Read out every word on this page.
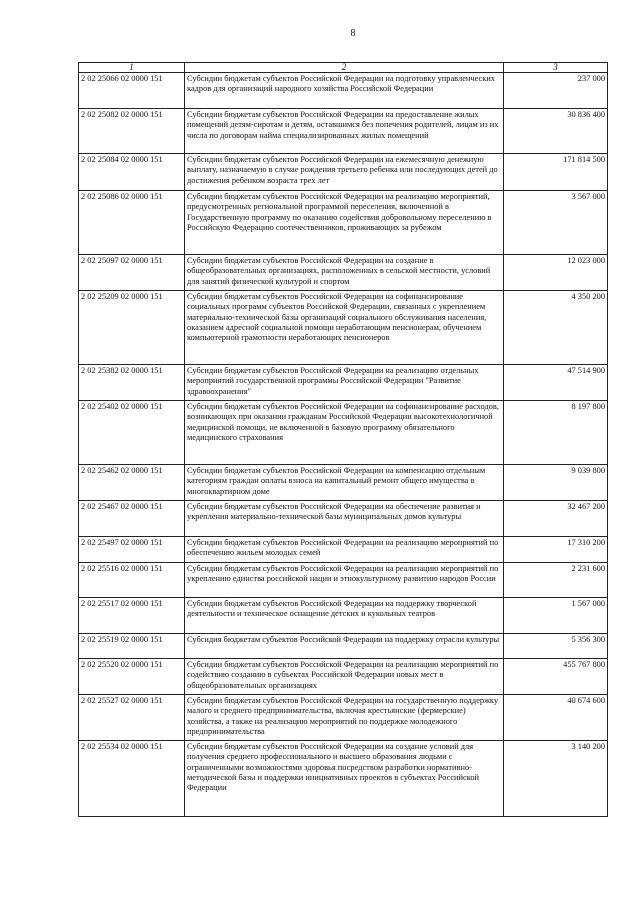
8
1	2	3
2 02 25066 02 0000 151	Субсидии бюджетам субъектов Российской Федерации на подготовку управленческих кадров для организаций народного хозяйства Российской Федерации	237 000
2 02 25082 02 0000 151	Субсидии бюджетам субъектов Российской Федерации на предоставление жилых помещений детям-сиротам и детям, оставшимся без попечения родителей, лицам из их числа по договорам найма специализированных жилых помещений	30 836 400
2 02 25084 02 0000 151	Субсидии бюджетам субъектов Российской Федерации на ежемесячную денежную выплату, назначаемую в случае рождения третьего ребенка или последующих детей до достижения ребенком возраста трех лет	171 814 500
2 02 25086 02 0000 151	Субсидии бюджетам субъектов Российской Федерации на реализацию мероприятий, предусмотренных региональной программой переселения, включенной в Государственную программу по оказанию содействия добровольному переселению в Российскую Федерацию соотечественников, проживающих за рубежом	3 567 000
2 02 25097 02 0000 151	Субсидии бюджетам субъектов Российской Федерации на создание в общеобразовательных организациях, расположенных в сельской местности, условий для занятий физической культурой и спортом	12 023 000
2 02 25209 02 0000 151	Субсидии бюджетам субъектов Российской Федерации на софинансирование социальных программ субъектов Российской Федерации, связанных с укреплением материально-технической базы организаций социального обслуживания населения, оказанием адресной социальной помощи неработающим пенсионерам, обучением компьютерной грамотности неработающих пенсионеров	4 350 200
2 02 25382 02 0000 151	Субсидии бюджетам субъектов Российской Федерации на реализацию отдельных мероприятий государственной программы Российской Федерации "Развитие здравоохранения"	47 514 900
2 02 25402 02 0000 151	Субсидии бюджетам субъектов Российской Федерации на софинансирование расходов, возникающих при оказании гражданам Российской Федерации высокотехнологичной медицинской помощи, не включенной в базовую программу обязательного медицинского страхования	8 197 800
2 02 25462 02 0000 151	Субсидии бюджетам субъектов Российской Федерации на компенсацию отдельным категориям граждан оплаты взноса на капитальный ремонт общего имущества в многоквартирном доме	9 039 800
2 02 25467 02 0000 151	Субсидии бюджетам субъектов Российской Федерации на обеспечение развития и укрепления материально-технической базы муниципальных домов культуры	32 467 200
2 02 25497 02 0000 151	Субсидии бюджетам субъектов Российской Федерации на реализацию мероприятий по обеспечению жильем молодых семей	17 310 200
2 02 25516 02 0000 151	Субсидии бюджетам субъектов Российской Федерации на реализацию мероприятий по укреплению единства российской нации и этнокультурному развитию народов России	2 231 600
2 02 25517 02 0000 151	Субсидии бюджетам субъектов Российской Федерации на поддержку творческой деятельности и техническое оснащение детских и кукольных театров	1 567 000
2 02 25519 02 0000 151	Субсидия бюджетам субъектов Российской Федерации на поддержку отрасли культуры	5 356 300
2 02 25520 02 0000 151	Субсидии бюджетам субъектов Российской Федерации на реализацию мероприятий по содействию созданию в субъектах Российской Федерации новых мест в общеобразовательных организациях	455 767 800
2 02 25527 02 0000 151	Субсидии бюджетам субъектов Российской Федерации на государственную поддержку малого и среднего предпринимательства, включая крестьянские (фермерские) хозяйства, а также на реализацию мероприятий по поддержке молодежного предпринимательства	40 674 600
2 02 25534 02 0000 151	Субсидии бюджетам субъектов Российской Федерации на создание условий для получения среднего профессионального и высшего образования людьми с ограниченными возможностями здоровья посредством разработки нормативно-методической базы и поддержки инициативных проектов в субъектах Российской Федерации	3 140 200
